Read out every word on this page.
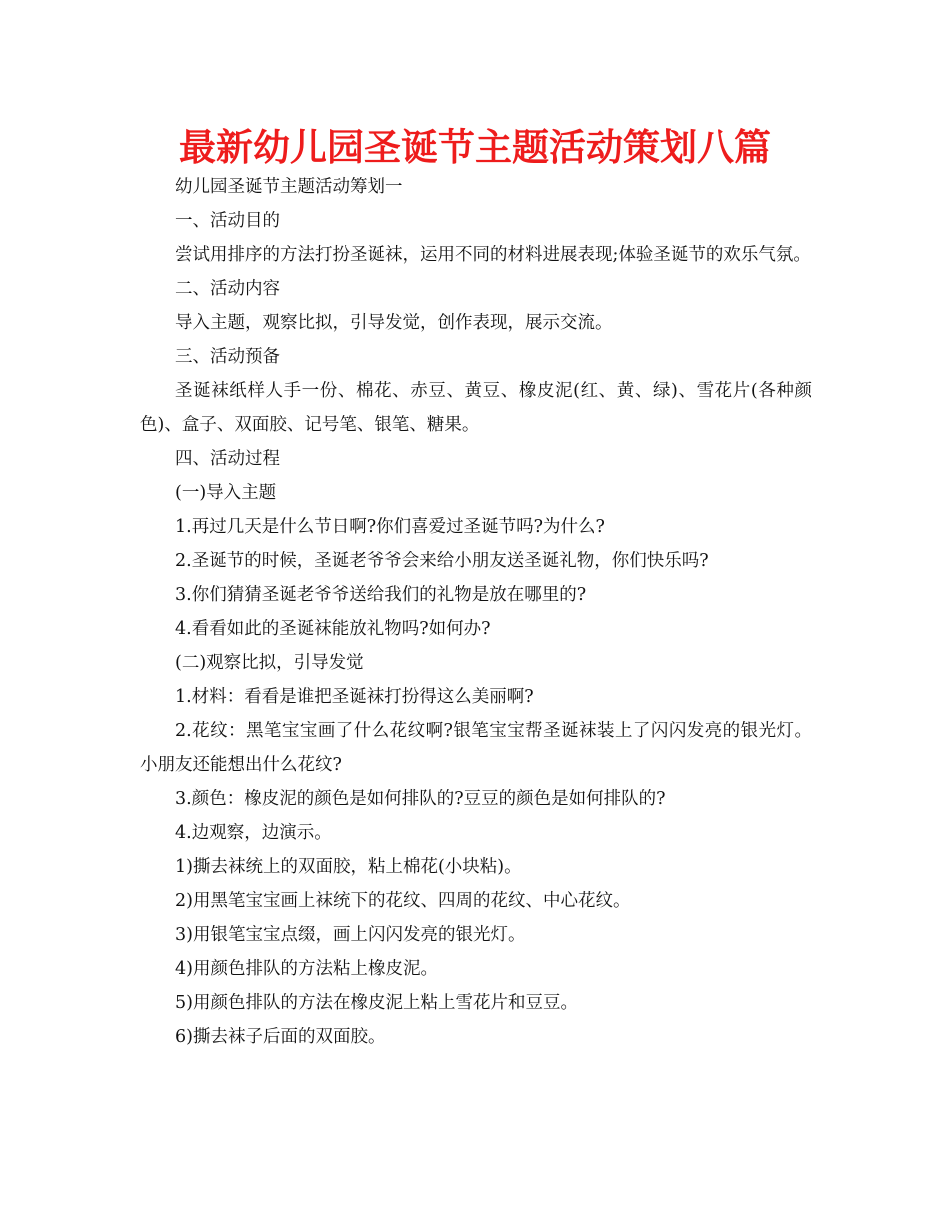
最新幼儿园圣诞节主题活动策划八篇

幼儿园圣诞节主题活动筹划一

一、活动目的

尝试用排序的方法打扮圣诞袜，运用不同的材料进展表现;体验圣诞节的欢乐气氛。

二、活动内容

导入主题，观察比拟，引导发觉，创作表现，展示交流。

三、活动预备

圣诞袜纸样人手一份、棉花、赤豆、黄豆、橡皮泥(红、黄、绿)、雪花片(各种颜色)、盒子、双面胶、记号笔、银笔、糖果。

四、活动过程

(一)导入主题

1.再过几天是什么节日啊?你们喜爱过圣诞节吗?为什么?

2.圣诞节的时候，圣诞老爷爷会来给小朋友送圣诞礼物，你们快乐吗?

3.你们猜猜圣诞老爷爷送给我们的礼物是放在哪里的?

4.看看如此的圣诞袜能放礼物吗?如何办?

(二)观察比拟，引导发觉

1.材料：看看是谁把圣诞袜打扮得这么美丽啊?

2.花纹：黑笔宝宝画了什么花纹啊?银笔宝宝帮圣诞袜装上了闪闪发亮的银光灯。小朋友还能想出什么花纹?

3.颜色：橡皮泥的颜色是如何排队的?豆豆的颜色是如何排队的?

4.边观察，边演示。

1)撕去袜统上的双面胶，粘上棉花(小块粘)。

2)用黑笔宝宝画上袜统下的花纹、四周的花纹、中心花纹。

3)用银笔宝宝点缀，画上闪闪发亮的银光灯。

4)用颜色排队的方法粘上橡皮泥。

5)用颜色排队的方法在橡皮泥上粘上雪花片和豆豆。

6)撕去袜子后面的双面胶。
